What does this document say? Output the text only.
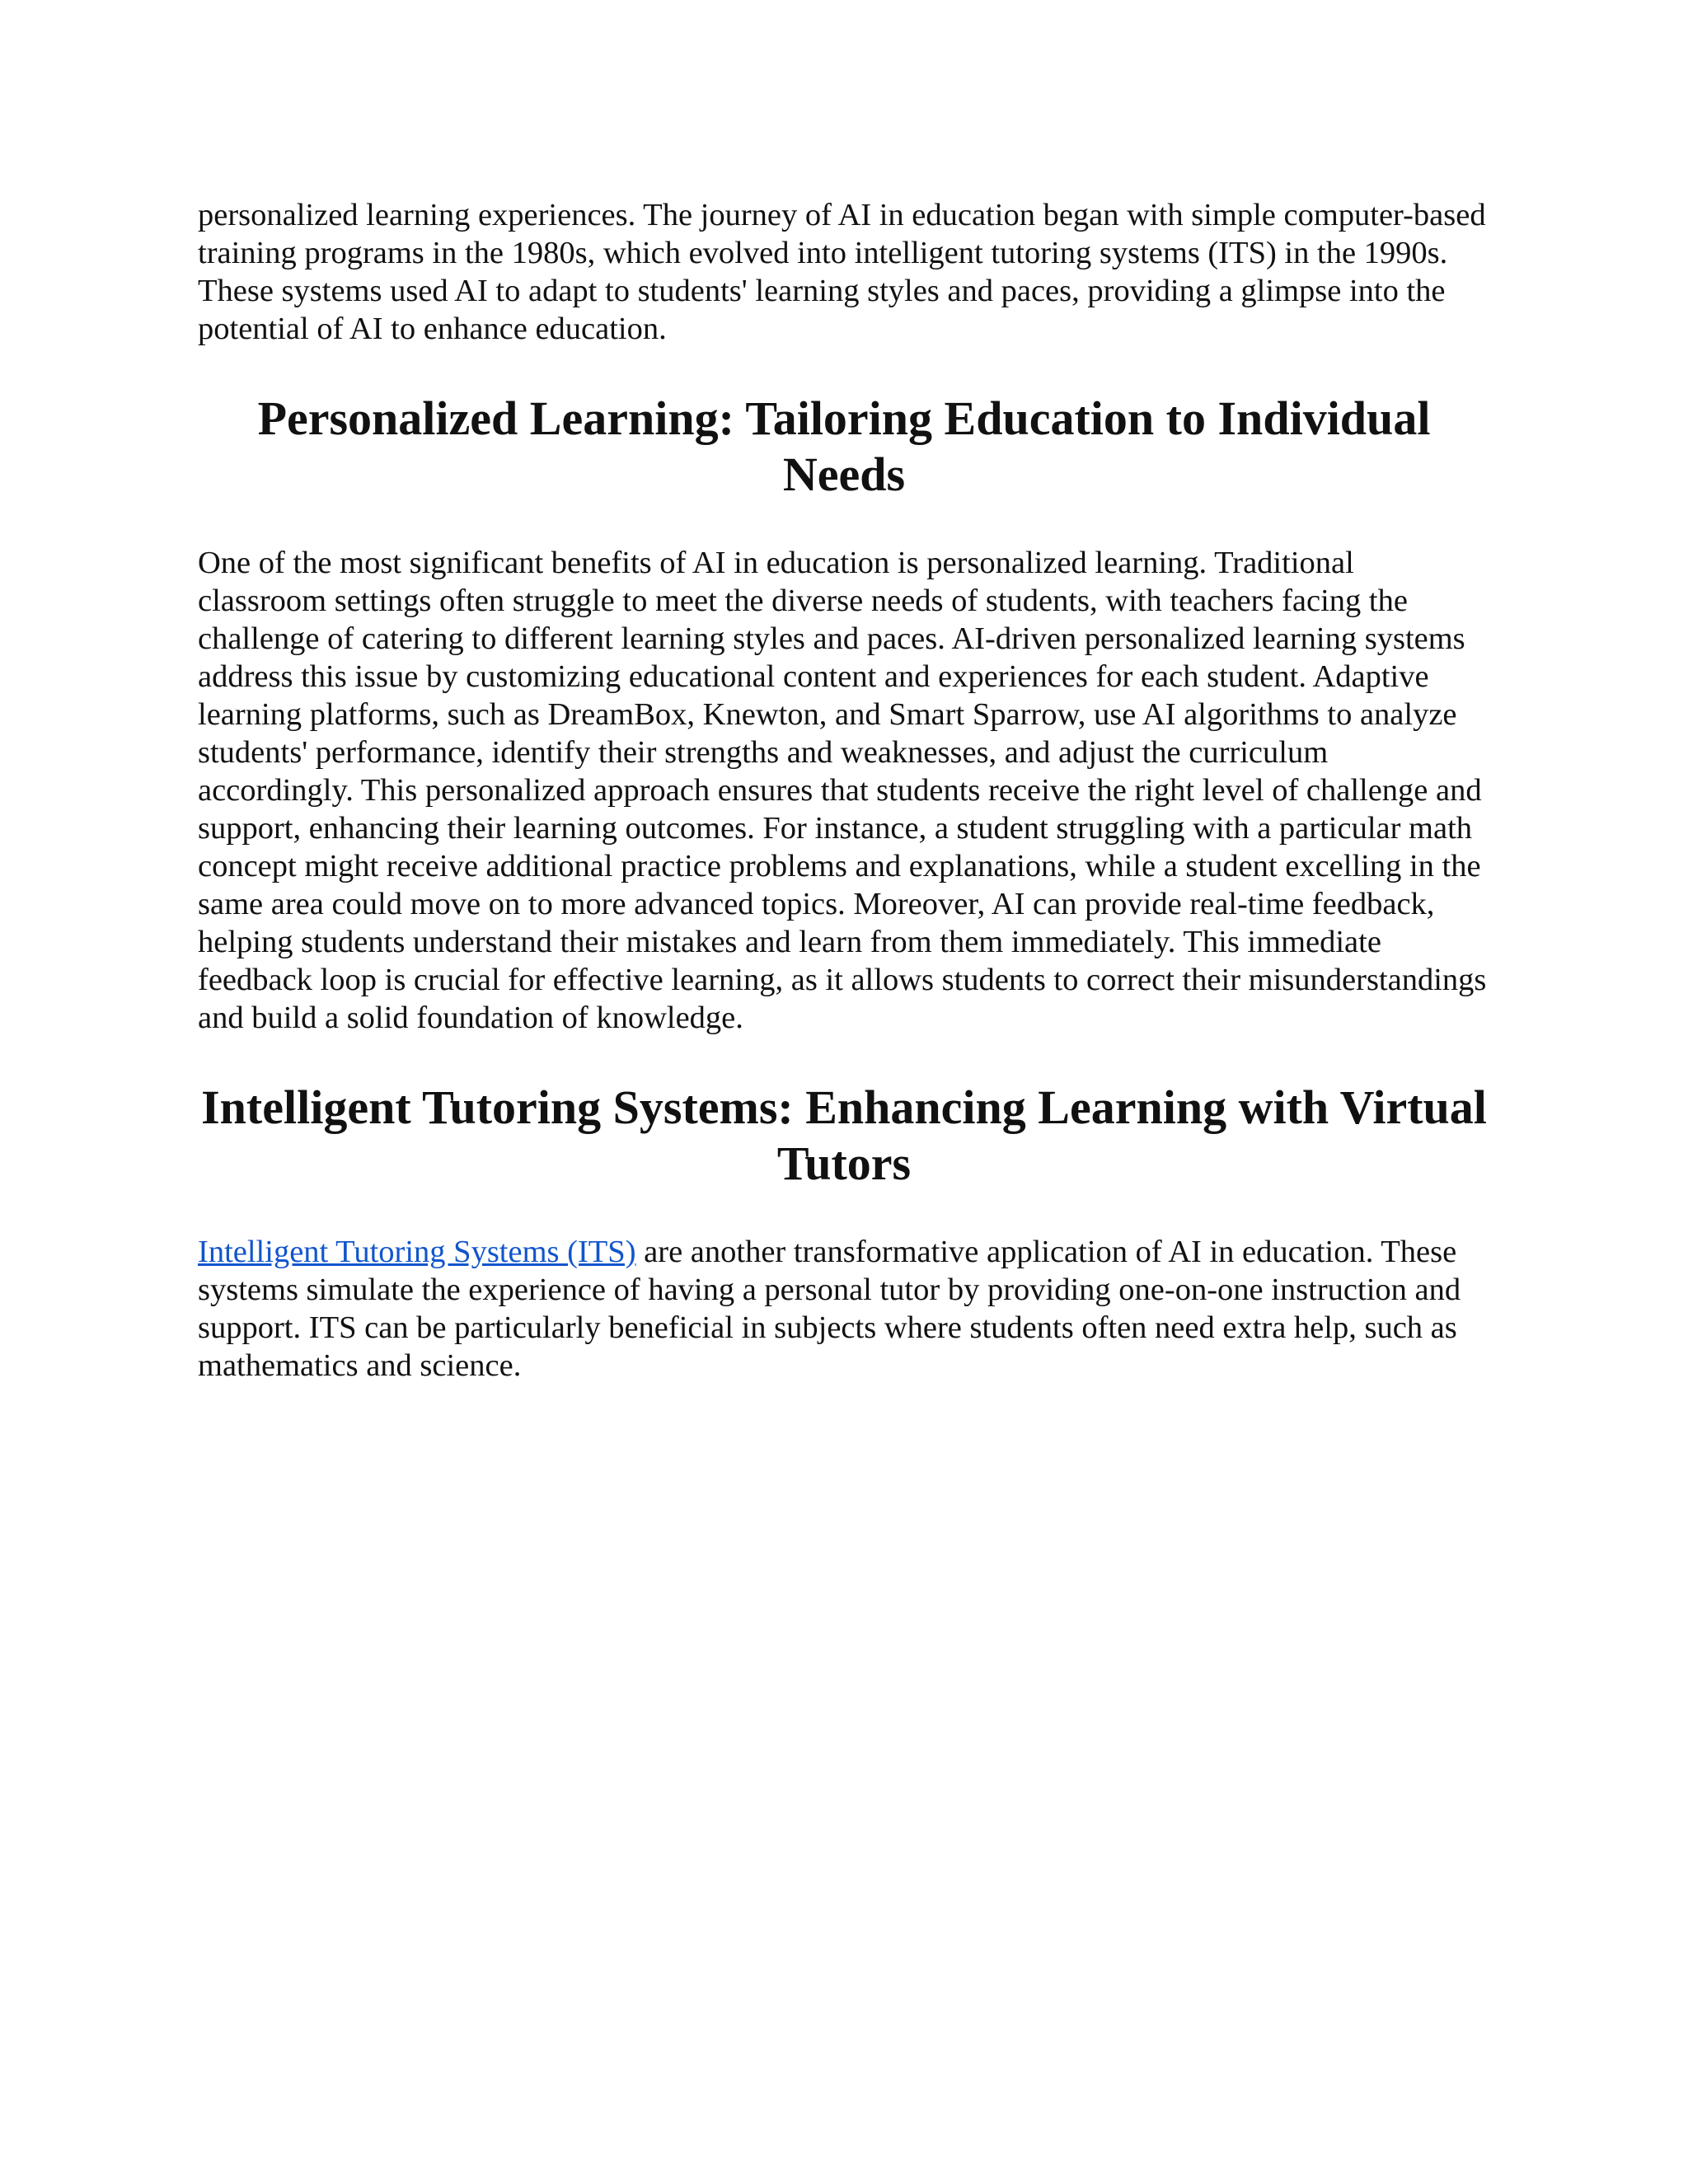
personalized learning experiences. The journey of AI in education began with simple computer-based training programs in the 1980s, which evolved into intelligent tutoring systems (ITS) in the 1990s. These systems used AI to adapt to students' learning styles and paces, providing a glimpse into the potential of AI to enhance education.

Personalized Learning: Tailoring Education to Individual Needs

One of the most significant benefits of AI in education is personalized learning. Traditional classroom settings often struggle to meet the diverse needs of students, with teachers facing the challenge of catering to different learning styles and paces. AI-driven personalized learning systems address this issue by customizing educational content and experiences for each student. Adaptive learning platforms, such as DreamBox, Knewton, and Smart Sparrow, use AI algorithms to analyze students' performance, identify their strengths and weaknesses, and adjust the curriculum accordingly. This personalized approach ensures that students receive the right level of challenge and support, enhancing their learning outcomes. For instance, a student struggling with a particular math concept might receive additional practice problems and explanations, while a student excelling in the same area could move on to more advanced topics. Moreover, AI can provide real-time feedback, helping students understand their mistakes and learn from them immediately. This immediate feedback loop is crucial for effective learning, as it allows students to correct their misunderstandings and build a solid foundation of knowledge.

Intelligent Tutoring Systems: Enhancing Learning with Virtual Tutors

Intelligent Tutoring Systems (ITS) are another transformative application of AI in education. These systems simulate the experience of having a personal tutor by providing one-on-one instruction and support. ITS can be particularly beneficial in subjects where students often need extra help, such as mathematics and science.
